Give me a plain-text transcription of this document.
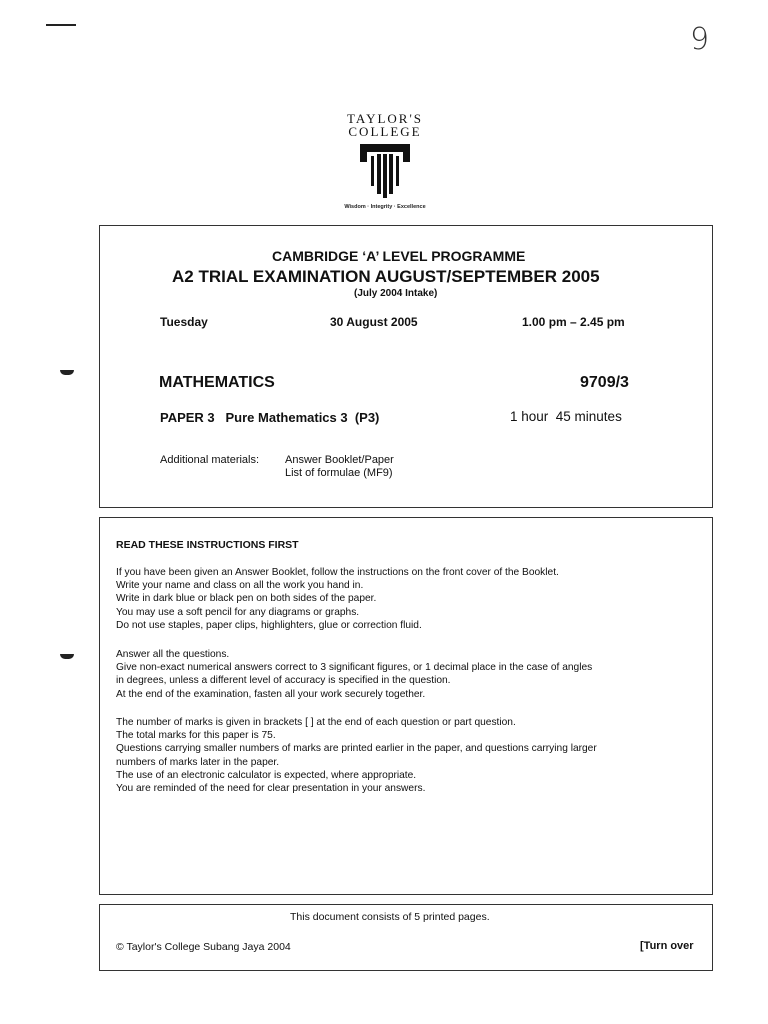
9
TAYLOR'S
COLLEGE
Wisdom · Integrity · Excellence
CAMBRIDGE ‘A’ LEVEL PROGRAMME
A2 TRIAL EXAMINATION AUGUST/SEPTEMBER 2005
(July 2004 Intake)
Tuesday	30 August 2005	1.00 pm – 2.45 pm
MATHEMATICS	9709/3
PAPER 3   Pure Mathematics 3  (P3)	1 hour  45 minutes
Additional materials: Answer Booklet/Paper
List of formulae (MF9)
READ THESE INSTRUCTIONS FIRST
If you have been given an Answer Booklet, follow the instructions on the front cover of the Booklet.
Write your name and class on all the work you hand in.
Write in dark blue or black pen on both sides of the paper.
You may use a soft pencil for any diagrams or graphs.
Do not use staples, paper clips, highlighters, glue or correction fluid.
Answer all the questions.
Give non-exact numerical answers correct to 3 significant figures, or 1 decimal place in the case of angles
in degrees, unless a different level of accuracy is specified in the question.
At the end of the examination, fasten all your work securely together.
The number of marks is given in brackets [ ] at the end of each question or part question.
The total marks for this paper is 75.
Questions carrying smaller numbers of marks are printed earlier in the paper, and questions carrying larger
numbers of marks later in the paper.
The use of an electronic calculator is expected, where appropriate.
You are reminded of the need for clear presentation in your answers.
This document consists of 5 printed pages.
© Taylor's College Subang Jaya 2004	[Turn over
